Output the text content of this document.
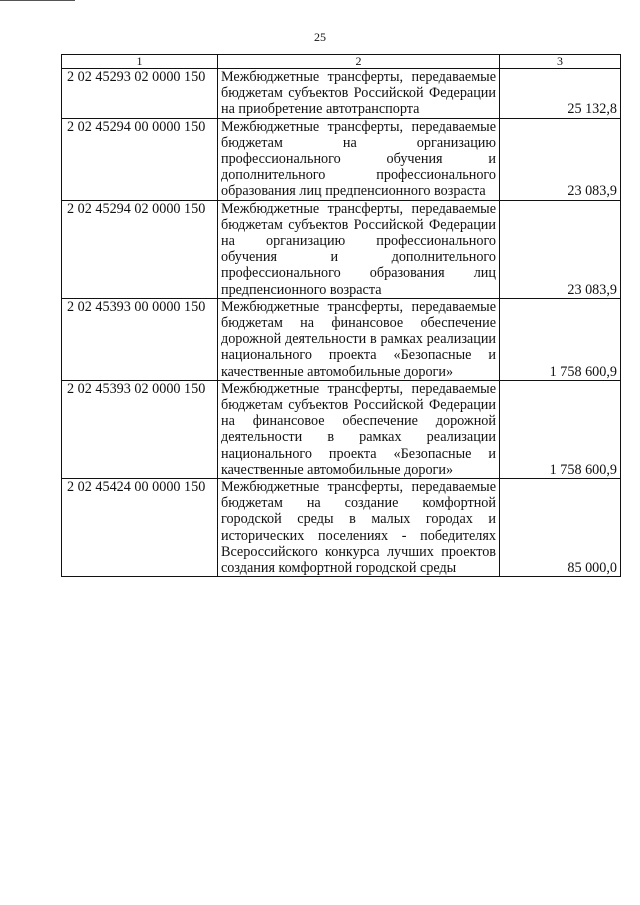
25
1	2	3
2 02 45293 02 0000 150	Межбюджетные трансферты, передаваемые бюджетам субъектов Российской Федерации на приобретение автотранспорта	25 132,8
2 02 45294 00 0000 150	Межбюджетные трансферты, передаваемые бюджетам на организацию профессионального обучения и дополнительного профессионального образования лиц предпенсионного возраста	23 083,9
2 02 45294 02 0000 150	Межбюджетные трансферты, передаваемые бюджетам субъектов Российской Федерации на организацию профессионального обучения и дополнительного профессионального образования лиц предпенсионного возраста	23 083,9
2 02 45393 00 0000 150	Межбюджетные трансферты, передаваемые бюджетам на финансовое обеспечение дорожной деятельности в рамках реализации национального проекта «Безопасные и качественные автомобильные дороги»	1 758 600,9
2 02 45393 02 0000 150	Межбюджетные трансферты, передаваемые бюджетам субъектов Российской Федерации на финансовое обеспечение дорожной деятельности в рамках реализации национального проекта «Безопасные и качественные автомобильные дороги»	1 758 600,9
2 02 45424 00 0000 150	Межбюджетные трансферты, передаваемые бюджетам на создание комфортной городской среды в малых городах и исторических поселениях - победителях Всероссийского конкурса лучших проектов создания комфортной городской среды	85 000,0
